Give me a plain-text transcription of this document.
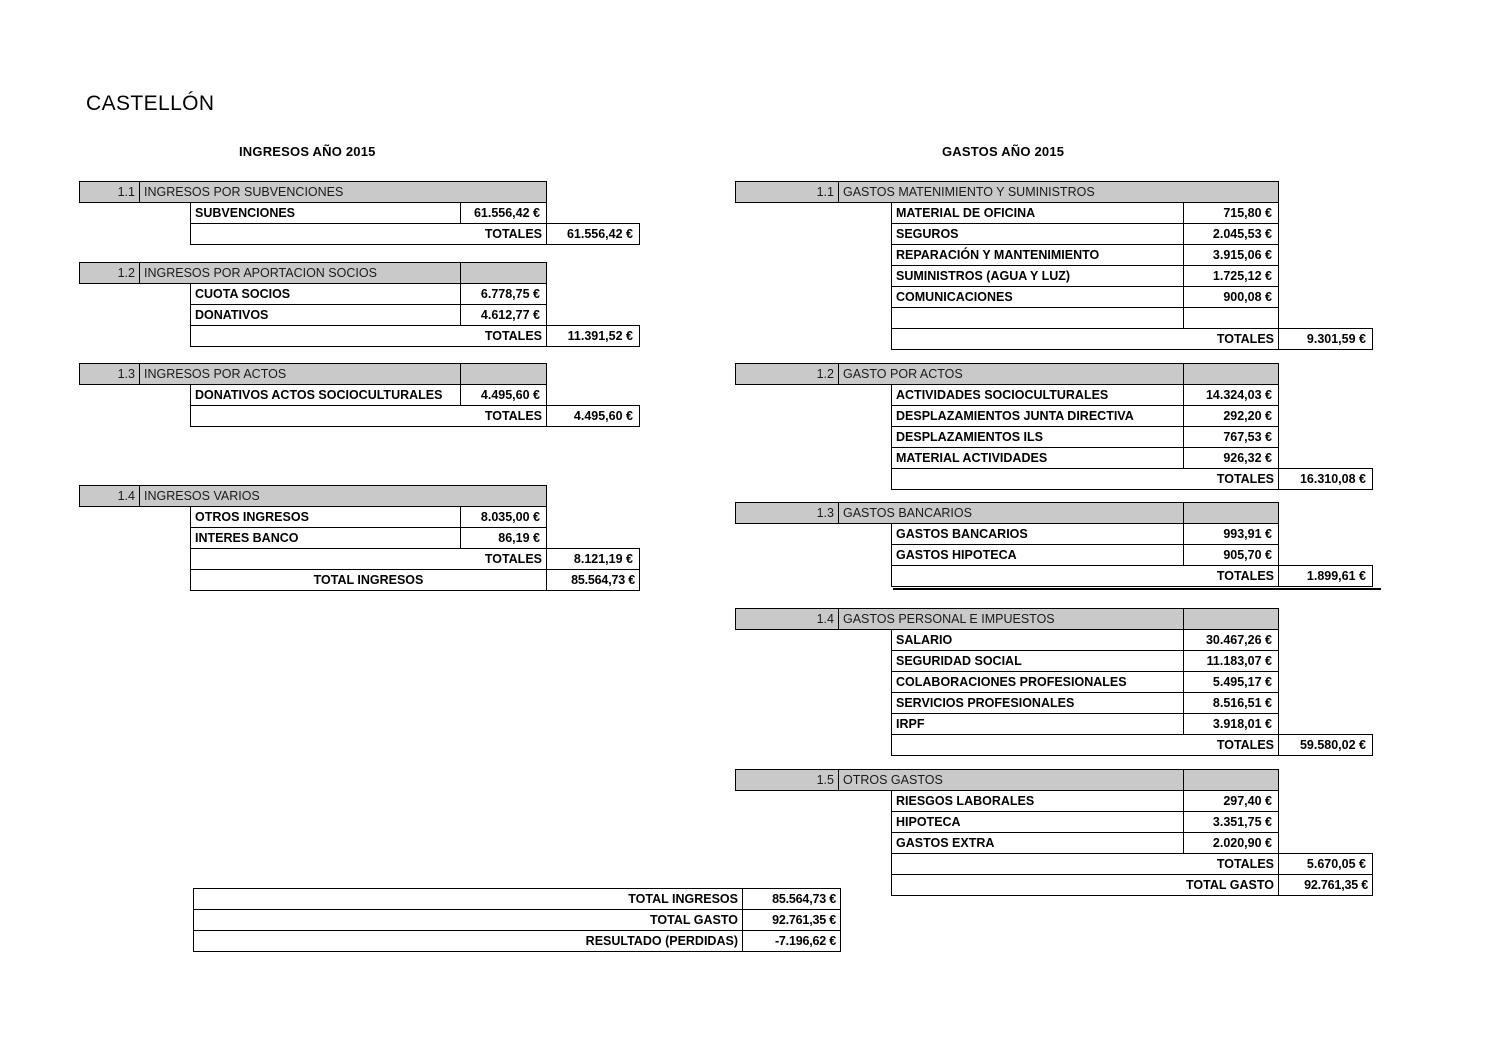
CASTELLÓN
INGRESOS AÑO 2015	GASTOS AÑO 2015
TOTAL INGRESOS	85.564,73 €
TOTAL GASTO	92.761,35 €
RESULTADO (PERDIDAS)	-7.196,62 €
1.1	INGRESOS POR SUBVENCIONES			
		SUBVENCIONES	61.556,42 €	
		TOTALES		61.556,42 €
1.2	INGRESOS POR APORTACION SOCIOS			
		CUOTA SOCIOS	6.778,75 €	
		DONATIVOS	4.612,77 €	
		TOTALES		11.391,52 €
1.3	INGRESOS POR ACTOS			
		DONATIVOS ACTOS SOCIOCULTURALES	4.495,60 €	
		TOTALES		4.495,60 €
1.4	INGRESOS VARIOS			
		OTROS INGRESOS	8.035,00 €	
		INTERES BANCO	86,19 €	
		TOTALES		8.121,19 €
		TOTAL INGRESOS		85.564,73 €
1.1	GASTOS MATENIMIENTO Y SUMINISTROS			
		MATERIAL DE OFICINA	715,80 €	
		SEGUROS	2.045,53 €	
		REPARACIÓN Y MANTENIMIENTO	3.915,06 €	
		SUMINISTROS (AGUA Y LUZ)	1.725,12 €	
		COMUNICACIONES	900,08 €	

		TOTALES		9.301,59 €
1.2	GASTO POR ACTOS			
		ACTIVIDADES SOCIOCULTURALES	14.324,03 €	
		DESPLAZAMIENTOS JUNTA DIRECTIVA	292,20 €	
		DESPLAZAMIENTOS ILS	767,53 €	
		MATERIAL ACTIVIDADES	926,32 €	
		TOTALES		16.310,08 €
1.3	GASTOS BANCARIOS			
		GASTOS BANCARIOS	993,91 €	
		GASTOS HIPOTECA	905,70 €	
		TOTALES		1.899,61 €
1.4	GASTOS PERSONAL E IMPUESTOS			
		SALARIO	30.467,26 €	
		SEGURIDAD SOCIAL	11.183,07 €	
		COLABORACIONES PROFESIONALES	5.495,17 €	
		SERVICIOS PROFESIONALES	8.516,51 €	
		IRPF	3.918,01 €	
		TOTALES		59.580,02 €
1.5	OTROS GASTOS			
		RIESGOS LABORALES	297,40 €	
		HIPOTECA	3.351,75 €	
		GASTOS EXTRA	2.020,90 €	
		TOTALES		5.670,05 €
		TOTAL GASTO		92.761,35 €
